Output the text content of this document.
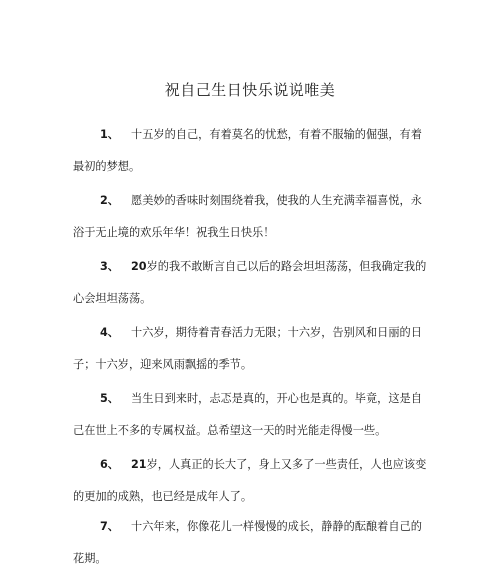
祝自己生日快乐说说唯美
1、 十五岁的自己，有着莫名的忧愁，有着不服输的倔强，有着
最初的梦想。
2、 愿美妙的香味时刻围绕着我，使我的人生充满幸福喜悦，永
浴于无止境的欢乐年华！祝我生日快乐！
3、 20岁的我不敢断言自己以后的路会坦坦荡荡，但我确定我的
心会坦坦荡荡。
4、 十六岁，期待着青春活力无限；十六岁，告别风和日丽的日
子；十六岁，迎来风雨飘摇的季节。
5、 当生日到来时，忐忑是真的，开心也是真的。毕竟，这是自
己在世上不多的专属权益。总希望这一天的时光能走得慢一些。
6、 21岁，人真正的长大了，身上又多了一些责任，人也应该变
的更加的成熟，也已经是成年人了。
7、 十六年来，你像花儿一样慢慢的成长，静静的酝酿着自己的
花期。
